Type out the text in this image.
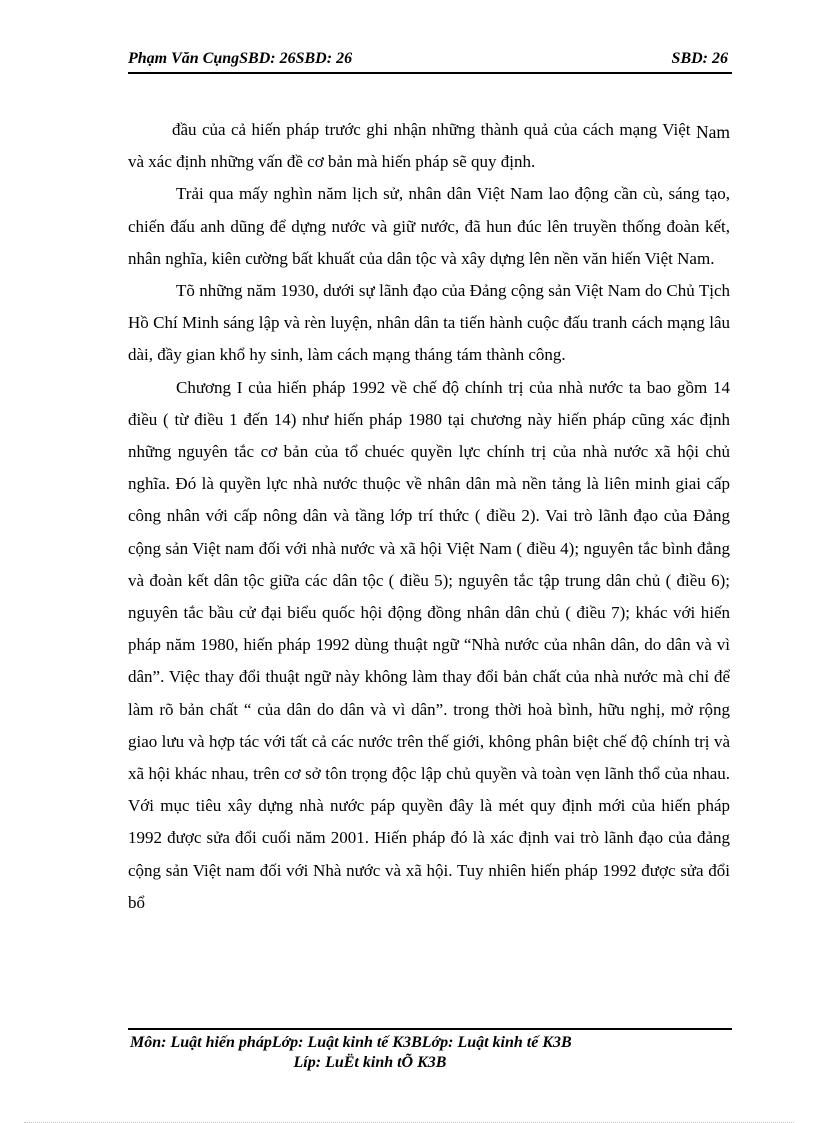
Phạm Văn CụngSBD: 26SBD: 26	SBD: 26

đầu của cả hiến pháp trước ghi nhận những thành quả của cách mạng Việt Nam và xác định những vấn đề cơ bản mà hiến pháp sẽ quy định.

Trải qua mấy nghìn năm lịch sử, nhân dân Việt Nam lao động cần cù, sáng tạo, chiến đấu anh dũng để dựng nước và giữ nước, đã hun đúc lên truyền thống đoàn kết, nhân nghĩa, kiên cường bất khuất của dân tộc và xây dựng lên nền văn hiến Việt Nam.

Tõ những năm 1930, dưới sự lãnh đạo của Đảng cộng sản Việt Nam do Chủ Tịch Hồ Chí Minh sáng lập và rèn luyện, nhân dân ta tiến hành cuộc đấu tranh cách mạng lâu dài, đầy gian khổ hy sinh, làm cách mạng tháng tám thành công.

Chương I của hiến pháp 1992 về chế độ chính trị của nhà nước ta bao gồm 14 điều ( từ điều 1 đến 14) như hiến pháp 1980 tại chương này hiến pháp cũng xác định những nguyên tắc cơ bản của tổ chuéc quyền lực chính trị của nhà nước xã hội chủ nghĩa. Đó là quyền lực nhà nước thuộc về nhân dân mà nền tảng là liên minh giai cấp công nhân với cấp nông dân và tầng lớp trí thức ( điều 2). Vai trò lãnh đạo của Đảng cộng sản Việt nam đối với nhà nước và xã hội Việt Nam ( điều 4); nguyên tắc bình đẳng và đoàn kết dân tộc giữa các dân tộc ( điều 5); nguyên tắc tập trung dân chủ ( điều 6); nguyên tắc bầu cử đại biểu quốc hội động đồng nhân dân chủ ( điều 7); khác với hiến pháp năm 1980, hiến pháp 1992 dùng thuật ngữ “Nhà nước của nhân dân, do dân và vì dân”. Việc thay đổi thuật ngữ này không làm thay đổi bản chất của nhà nước mà chỉ để làm rõ bản chất “ của dân do dân và vì dân”. trong thời hoà bình, hữu nghị, mở rộng giao lưu và hợp tác với tất cả các nước trên thế giới, không phân biệt chế độ chính trị và xã hội khác nhau, trên cơ sở tôn trọng độc lập chủ quyền và toàn vẹn lãnh thổ của nhau. Với mục tiêu xây dựng nhà nước páp quyền đây là mét quy định mới của hiến pháp 1992 được sửa đổi cuối năm 2001. Hiến pháp đó là xác định vai trò lãnh đạo của đảng cộng sản Việt nam đối với Nhà nước và xã hội. Tuy nhiên hiến pháp 1992 được sửa đổi bổ

Môn: Luật hiến phápLớp: Luật kinh tế K3BLớp: Luật kinh tế K3B
Líp: LuËt kinh tÕ K3B
